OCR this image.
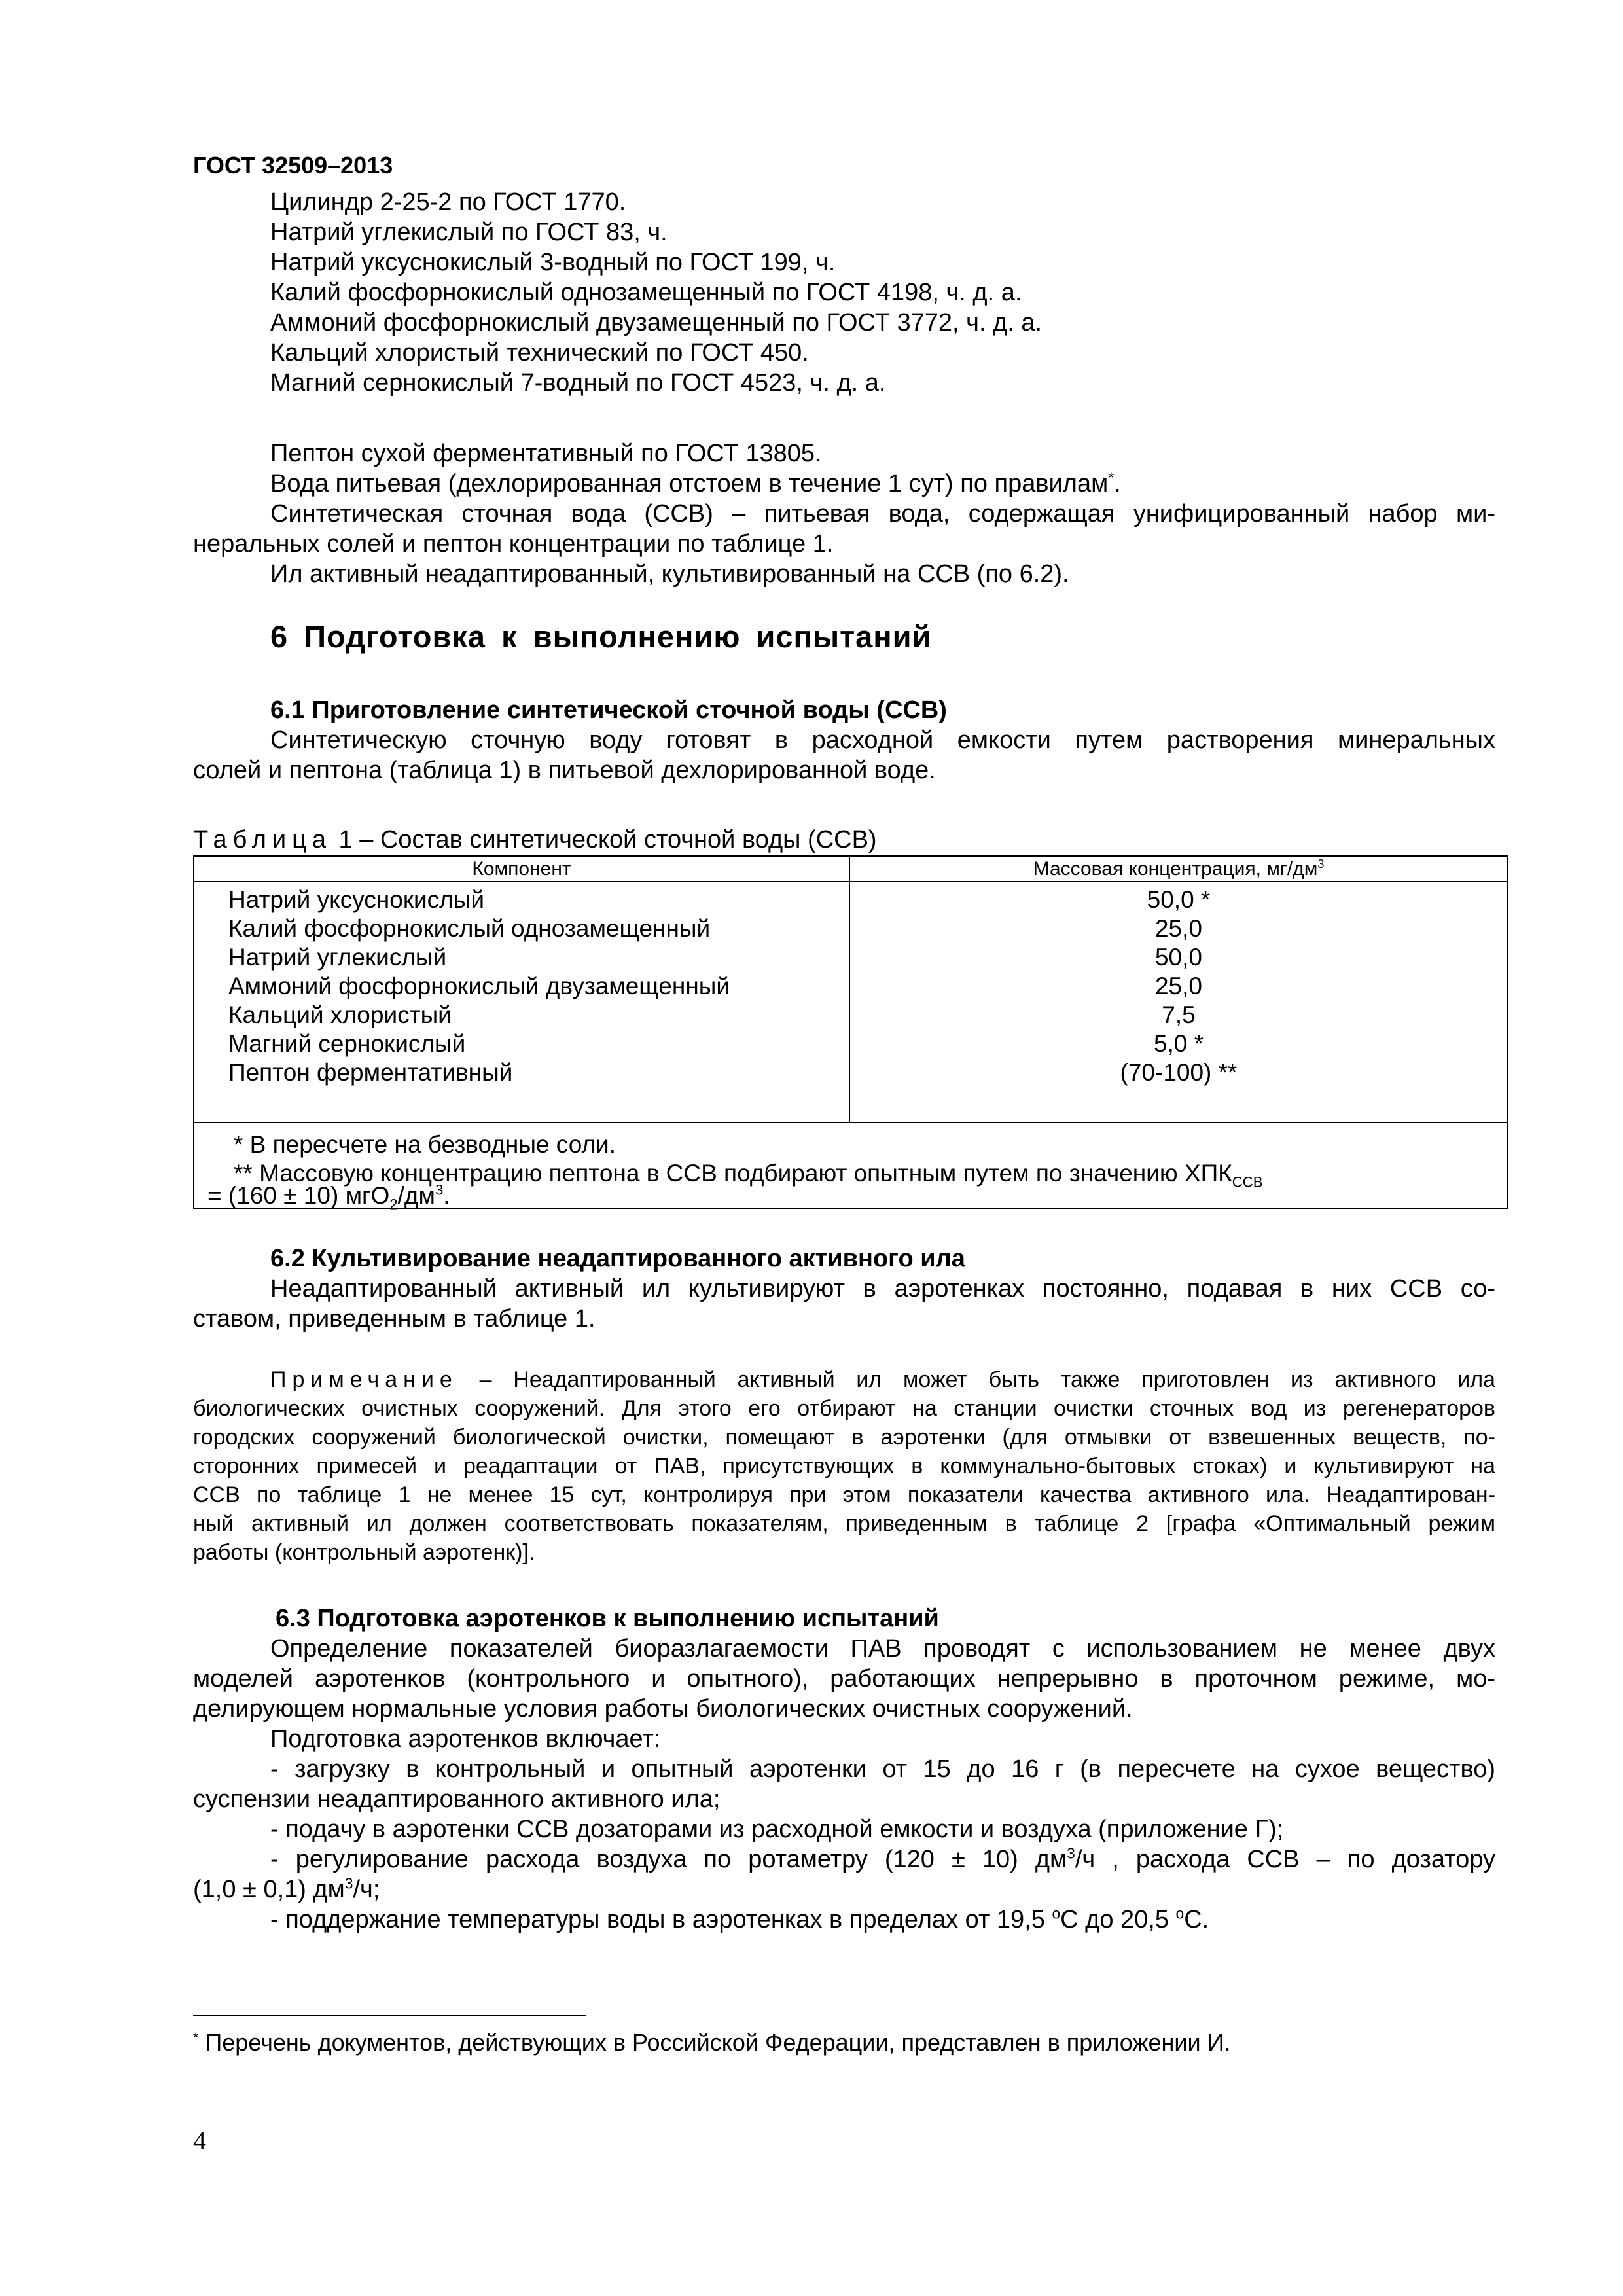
ГОСТ 32509–2013
Цилиндр 2-25-2 по ГОСТ 1770.
Натрий углекислый по ГОСТ 83, ч.
Натрий уксуснокислый 3-водный по ГОСТ 199, ч.
Калий фосфорнокислый однозамещенный по ГОСТ 4198, ч. д. а.
Аммоний фосфорнокислый двузамещенный по ГОСТ 3772, ч. д. а.
Кальций хлористый технический по ГОСТ 450.
Магний сернокислый 7-водный по ГОСТ 4523, ч. д. а.
Пептон сухой ферментативный по ГОСТ 13805.
Вода питьевая (дехлорированная отстоем в течение 1 сут) по правилам*.
Синтетическая сточная вода (ССВ) – питьевая вода, содержащая унифицированный набор ми-
неральных солей и пептон концентрации по таблице 1.
Ил активный неадаптированный, культивированный на ССВ (по 6.2).
6 Подготовка к выполнению испытаний
6.1 Приготовление синтетической сточной воды (ССВ)
Синтетическую сточную воду готовят в расходной емкости путем растворения минеральных
солей и пептона (таблица 1) в питьевой дехлорированной воде.
Таблица 1 – Состав синтетической сточной воды (ССВ)
Компонент	Массовая концентрация, $мг/дм^3$
Натрий уксуснокислый	50,0 *
Калий фосфорнокислый однозамещенный	25,0
Натрий углекислый	50,0
Аммоний фосфорнокислый двузамещенный	25,0
Кальций хлористый	7,5
Магний сернокислый	5,0 *
Пептон ферментативный	(70-100) **
* В пересчете на безводные соли.
** Массовую концентрацию пептона в ССВ подбирают опытным путем по значению $ХПК_{ССВ}$
= (160 ± 10) $мгО_2/дм^3$.
6.2 Культивирование неадаптированного активного ила
Неадаптированный активный ил культивируют в аэротенках постоянно, подавая в них ССВ со-
ставом, приведенным в таблице 1.
Примечание – Неадаптированный активный ил может быть также приготовлен из активного ила
биологических очистных сооружений. Для этого его отбирают на станции очистки сточных вод из регенераторов
городских сооружений биологической очистки, помещают в аэротенки (для отмывки от взвешенных веществ, по-
сторонних примесей и реадаптации от ПАВ, присутствующих в коммунально-бытовых стоках) и культивируют на
ССВ по таблице 1 не менее 15 сут, контролируя при этом показатели качества активного ила. Неадаптирован-
ный активный ил должен соответствовать показателям, приведенным в таблице 2 [графа «Оптимальный режим
работы (контрольный аэротенк)].
6.3 Подготовка аэротенков к выполнению испытаний
Определение показателей биоразлагаемости ПАВ проводят с использованием не менее двух
моделей аэротенков (контрольного и опытного), работающих непрерывно в проточном режиме, мо-
делирующем нормальные условия работы биологических очистных сооружений.
Подготовка аэротенков включает:
- загрузку в контрольный и опытный аэротенки от 15 до 16 г (в пересчете на сухое вещество)
суспензии неадаптированного активного ила;
- подачу в аэротенки ССВ дозаторами из расходной емкости и воздуха (приложение Г);
- регулирование расхода воздуха по ротаметру (120 ± 10) $дм^3/ч$ , расхода ССВ – по дозатору
(1,0 ± 0,1) $дм^3/ч$;
- поддержание температуры воды в аэротенках в пределах от 19,5 $^о$С до 20,5 $^о$С.
* Перечень документов, действующих в Российской Федерации, представлен в приложении И.
4
